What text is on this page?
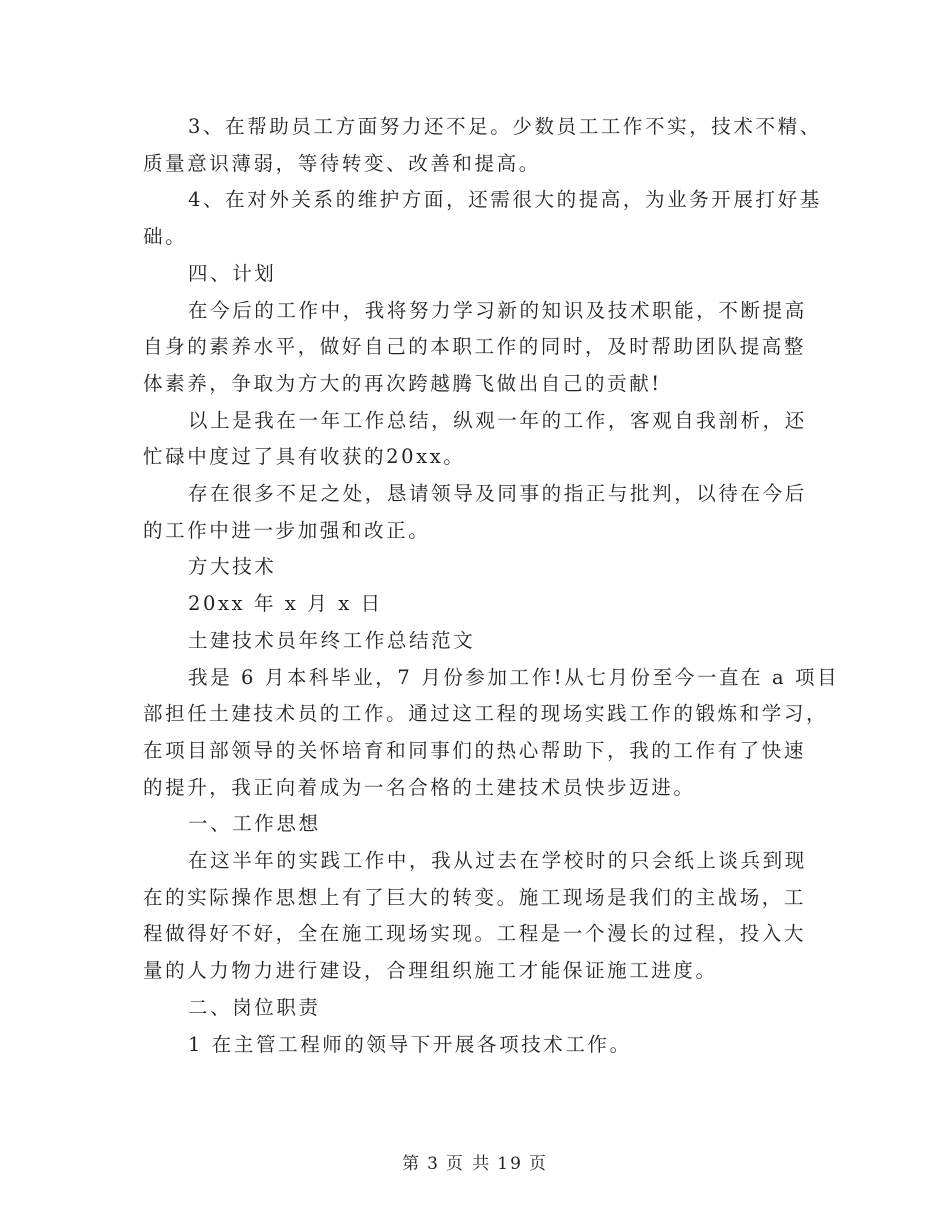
3、在帮助员工方面努力还不足。少数员工工作不实，技术不精、
质量意识薄弱，等待转变、改善和提高。
4、在对外关系的维护方面，还需很大的提高，为业务开展打好基
础。
四、计划
在今后的工作中，我将努力学习新的知识及技术职能，不断提高
自身的素养水平，做好自己的本职工作的同时，及时帮助团队提高整
体素养，争取为方大的再次跨越腾飞做出自己的贡献!
以上是我在一年工作总结，纵观一年的工作，客观自我剖析，还
忙碌中度过了具有收获的20xx。
存在很多不足之处，恳请领导及同事的指正与批判，以待在今后
的工作中进一步加强和改正。
方大技术
20xx 年 x 月 x 日
土建技术员年终工作总结范文
我是 6 月本科毕业，7 月份参加工作!从七月份至今一直在 a 项目
部担任土建技术员的工作。通过这工程的现场实践工作的锻炼和学习，
在项目部领导的关怀培育和同事们的热心帮助下，我的工作有了快速
的提升，我正向着成为一名合格的土建技术员快步迈进。
一、工作思想
在这半年的实践工作中，我从过去在学校时的只会纸上谈兵到现
在的实际操作思想上有了巨大的转变。施工现场是我们的主战场，工
程做得好不好，全在施工现场实现。工程是一个漫长的过程，投入大
量的人力物力进行建设，合理组织施工才能保证施工进度。
二、岗位职责
1 在主管工程师的领导下开展各项技术工作。
第 3 页 共 19 页
